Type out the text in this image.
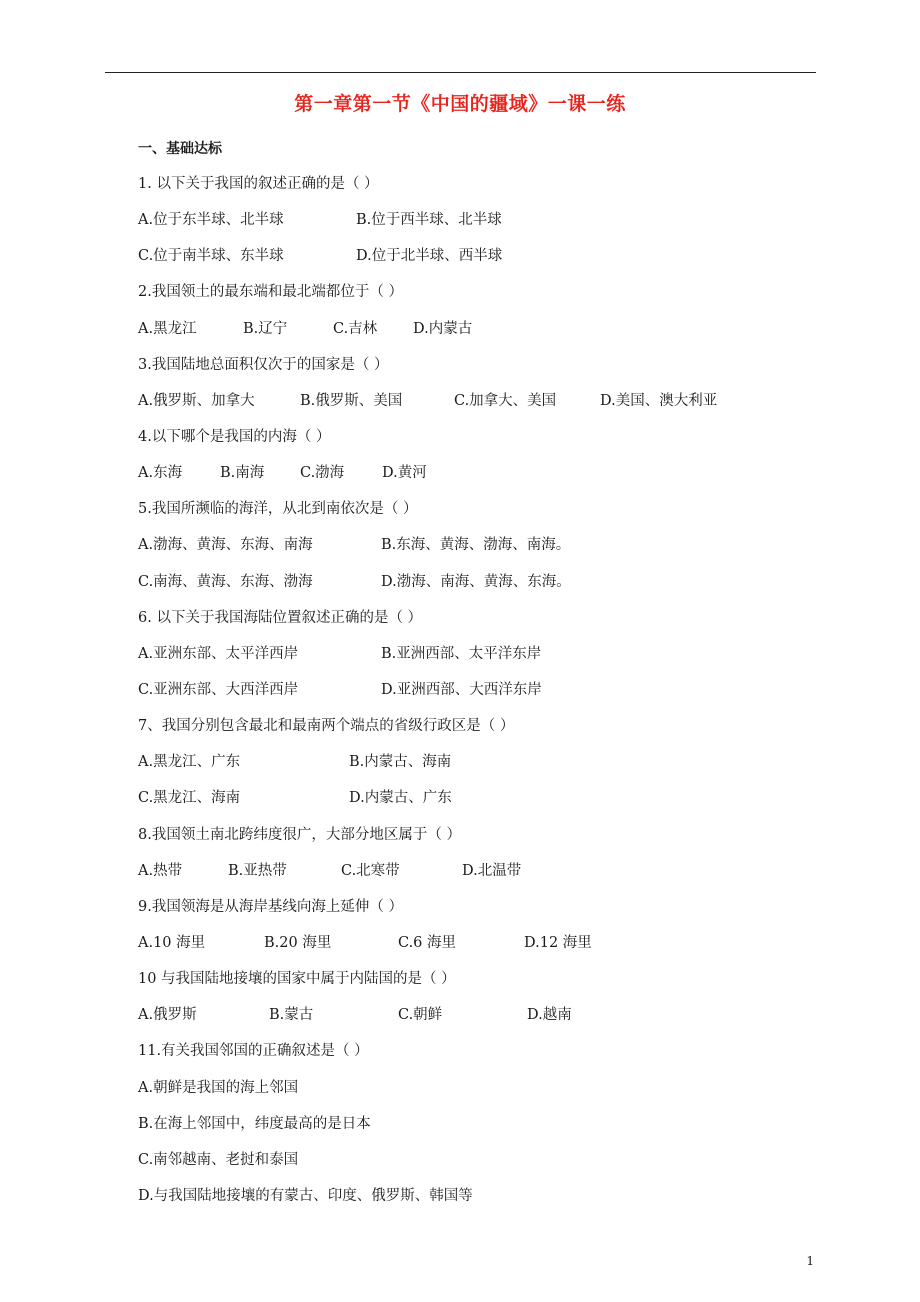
第一章第一节《中国的疆域》一课一练
一、基础达标
1. 以下关于我国的叙述正确的是（ ）
A.位于东半球、北半球	B.位于西半球、北半球
C.位于南半球、东半球	D.位于北半球、西半球
2.我国领土的最东端和最北端都位于（ ）
A.黑龙江	B.辽宁	C.吉林 D.内蒙古
3.我国陆地总面积仅次于的国家是（ ）
A.俄罗斯、加拿大	B.俄罗斯、美国	C.加拿大、美国	D.美国、澳大利亚
4.以下哪个是我国的内海（ ）
A.东海	B.南海 C.渤海	D.黄河
5.我国所濒临的海洋，从北到南依次是（ ）
A.渤海、黄海、东海、南海	B.东海、黄海、渤海、南海。
C.南海、黄海、东海、渤海	D.渤海、南海、黄海、东海。
6. 以下关于我国海陆位置叙述正确的是（ ）
A.亚洲东部、太平洋西岸	B.亚洲西部、太平洋东岸
C.亚洲东部、大西洋西岸	D.亚洲西部、大西洋东岸
7、我国分别包含最北和最南两个端点的省级行政区是（ ）
A.黑龙江、广东	B.内蒙古、海南
C.黑龙江、海南	D.内蒙古、广东
8.我国领土南北跨纬度很广，大部分地区属于（ ）
A.热带	B.亚热带	C.北寒带	D.北温带
9.我国领海是从海岸基线向海上延伸（ ）
A.10 海里	B.20 海里	C.6 海里	D.12 海里
10 与我国陆地接壤的国家中属于内陆国的是（ ）
A.俄罗斯	B.蒙古	C.朝鲜	D.越南
11.有关我国邻国的正确叙述是（ ）
A.朝鲜是我国的海上邻国
B.在海上邻国中，纬度最高的是日本
C.南邻越南、老挝和泰国
D.与我国陆地接壤的有蒙古、印度、俄罗斯、韩国等
1
